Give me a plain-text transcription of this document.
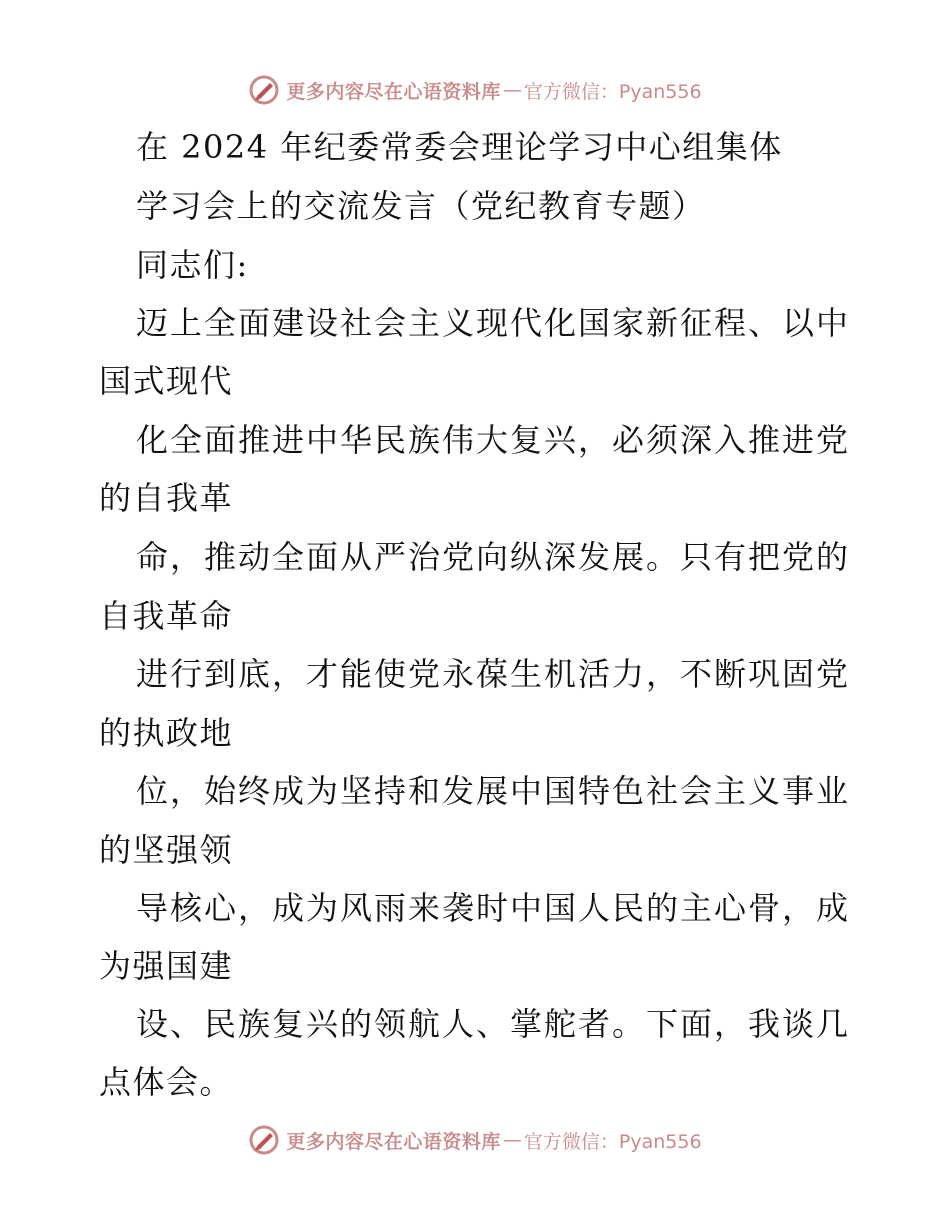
更多内容尽在心语资料库 — 官方微信：Pyan556
在 2024 年纪委常委会理论学习中心组集体
学习会上的交流发言（党纪教育专题）
同志们:
迈上全面建设社会主义现代化国家新征程、以中
国式现代
化全面推进中华民族伟大复兴，必须深入推进党
的自我革
命，推动全面从严治党向纵深发展。只有把党的
自我革命
进行到底，才能使党永葆生机活力，不断巩固党
的执政地
位，始终成为坚持和发展中国特色社会主义事业
的坚强领
导核心，成为风雨来袭时中国人民的主心骨，成
为强国建
设、民族复兴的领航人、掌舵者。下面，我谈几
点体会。
更多内容尽在心语资料库 — 官方微信：Pyan556
